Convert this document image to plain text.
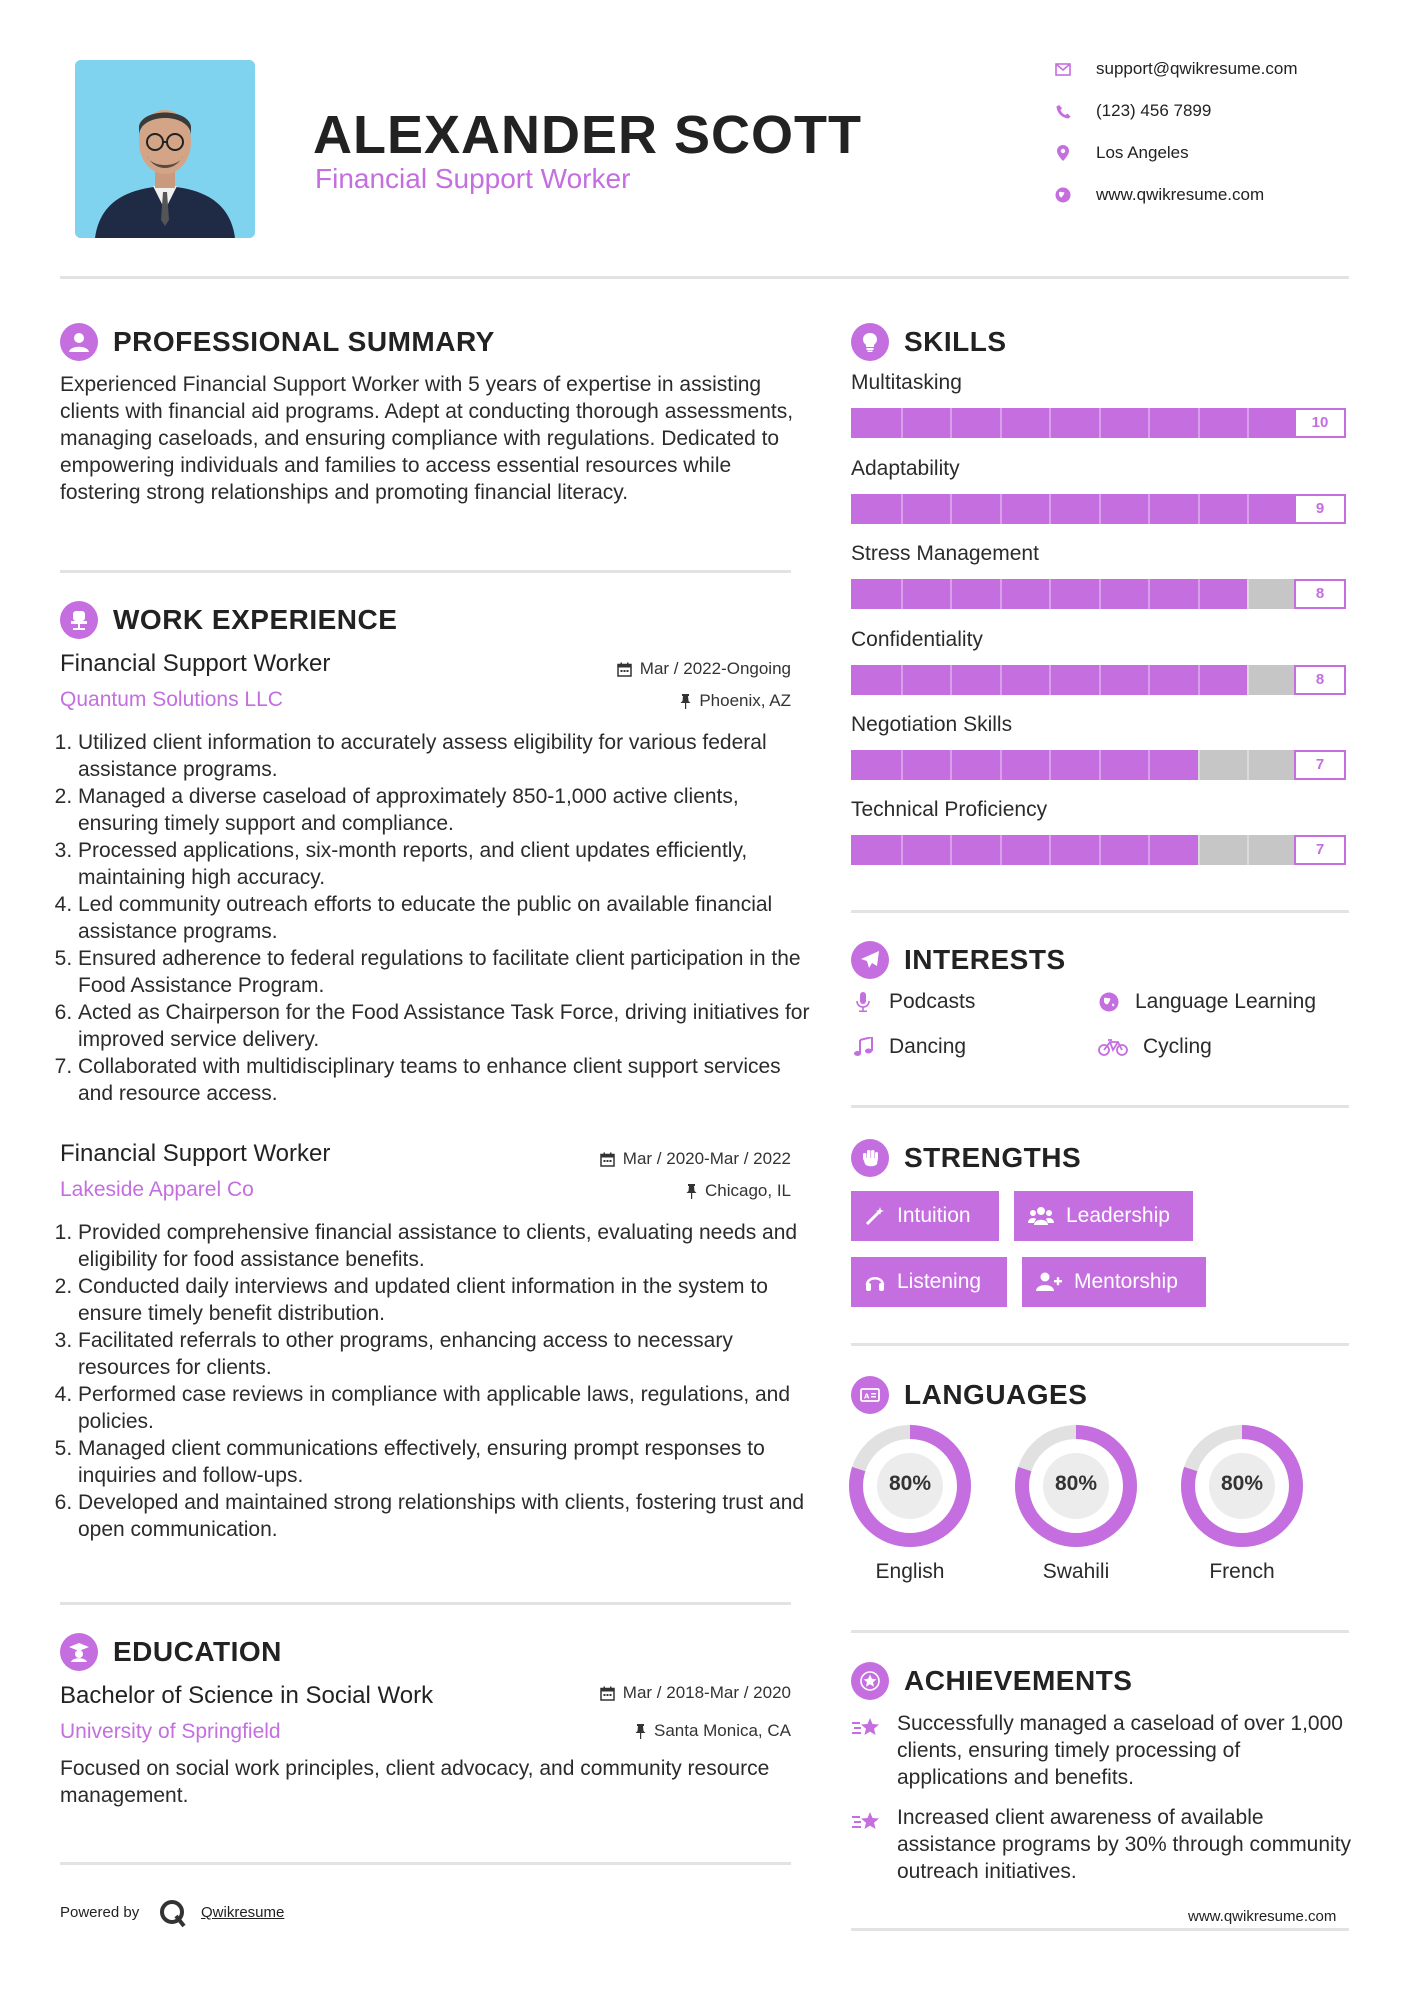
ALEXANDER SCOTT
Financial Support Worker
support@qwikresume.com
(123) 456 7899
Los Angeles
www.qwikresume.com
PROFESSIONAL SUMMARY
Experienced Financial Support Worker with 5 years of expertise in assisting clients with financial aid programs. Adept at conducting thorough assessments, managing caseloads, and ensuring compliance with regulations. Dedicated to empowering individuals and families to access essential resources while fostering strong relationships and promoting financial literacy.
WORK EXPERIENCE
Financial Support Worker
Quantum Solutions LLC
Mar / 2022-Ongoing
Phoenix, AZ
1. Utilized client information to accurately assess eligibility for various federal assistance programs.
2. Managed a diverse caseload of approximately 850-1,000 active clients, ensuring timely support and compliance.
3. Processed applications, six-month reports, and client updates efficiently, maintaining high accuracy.
4. Led community outreach efforts to educate the public on available financial assistance programs.
5. Ensured adherence to federal regulations to facilitate client participation in the Food Assistance Program.
6. Acted as Chairperson for the Food Assistance Task Force, driving initiatives for improved service delivery.
7. Collaborated with multidisciplinary teams to enhance client support services and resource access.
Financial Support Worker
Lakeside Apparel Co
Mar / 2020-Mar / 2022
Chicago, IL
1. Provided comprehensive financial assistance to clients, evaluating needs and eligibility for food assistance benefits.
2. Conducted daily interviews and updated client information in the system to ensure timely benefit distribution.
3. Facilitated referrals to other programs, enhancing access to necessary resources for clients.
4. Performed case reviews in compliance with applicable laws, regulations, and policies.
5. Managed client communications effectively, ensuring prompt responses to inquiries and follow-ups.
6. Developed and maintained strong relationships with clients, fostering trust and open communication.
EDUCATION
Bachelor of Science in Social Work
University of Springfield
Mar / 2018-Mar / 2020
Santa Monica, CA
Focused on social work principles, client advocacy, and community resource management.
Powered by	Qwikresume
SKILLS
Multitasking
10
Adaptability
9
Stress Management
8
Confidentiality
8
Negotiation Skills
7
Technical Proficiency
7
INTERESTS
Podcasts	Language Learning
Dancing	Cycling
STRENGTHS
Intuition	Leadership
Listening	Mentorship
A LANGUAGES
80%
English
80%
Swahili
80%
French
ACHIEVEMENTS
Successfully managed a caseload of over 1,000 clients, ensuring timely processing of applications and benefits.
Increased client awareness of available assistance programs by 30% through community outreach initiatives.
www.qwikresume.com
